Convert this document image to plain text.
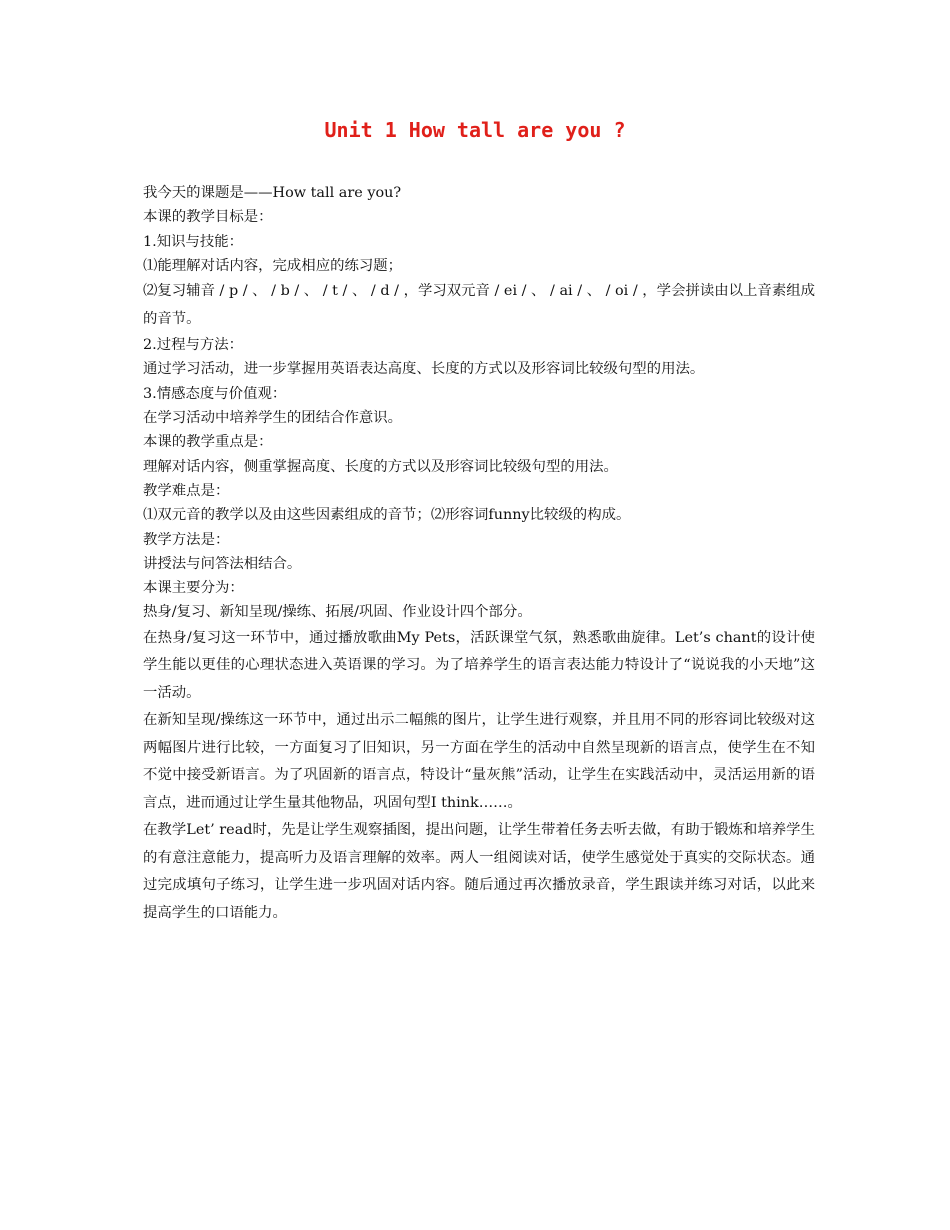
Unit 1 How tall are you ?

我今天的课题是——How tall are you?

本课的教学目标是：

1.知识与技能：

⑴能理解对话内容，完成相应的练习题；

⑵复习辅音 / p / 、 / b / 、 / t / 、 / d / ，学习双元音 / ei / 、 / ai / 、 / oi / ，学会拼读由以上音素组成的音节。

2.过程与方法：

通过学习活动，进一步掌握用英语表达高度、长度的方式以及形容词比较级句型的用法。

3.情感态度与价值观：

在学习活动中培养学生的团结合作意识。

本课的教学重点是：

理解对话内容，侧重掌握高度、长度的方式以及形容词比较级句型的用法。

教学难点是：

⑴双元音的教学以及由这些因素组成的音节；⑵形容词funny比较级的构成。

教学方法是：

讲授法与问答法相结合。

本课主要分为：

热身/复习、新知呈现/操练、拓展/巩固、作业设计四个部分。

在热身/复习这一环节中，通过播放歌曲My Pets，活跃课堂气氛，熟悉歌曲旋律。Let’s chant的设计使学生能以更佳的心理状态进入英语课的学习。为了培养学生的语言表达能力特设计了“说说我的小天地”这一活动。

在新知呈现/操练这一环节中，通过出示二幅熊的图片，让学生进行观察，并且用不同的形容词比较级对这两幅图片进行比较，一方面复习了旧知识，另一方面在学生的活动中自然呈现新的语言点，使学生在不知不觉中接受新语言。为了巩固新的语言点，特设计“量灰熊”活动，让学生在实践活动中，灵活运用新的语言点，进而通过让学生量其他物品，巩固句型I think……。

在教学Let’ read时，先是让学生观察插图，提出问题，让学生带着任务去听去做，有助于锻炼和培养学生的有意注意能力，提高听力及语言理解的效率。两人一组阅读对话，使学生感觉处于真实的交际状态。通过完成填句子练习，让学生进一步巩固对话内容。随后通过再次播放录音，学生跟读并练习对话，以此来提高学生的口语能力。
